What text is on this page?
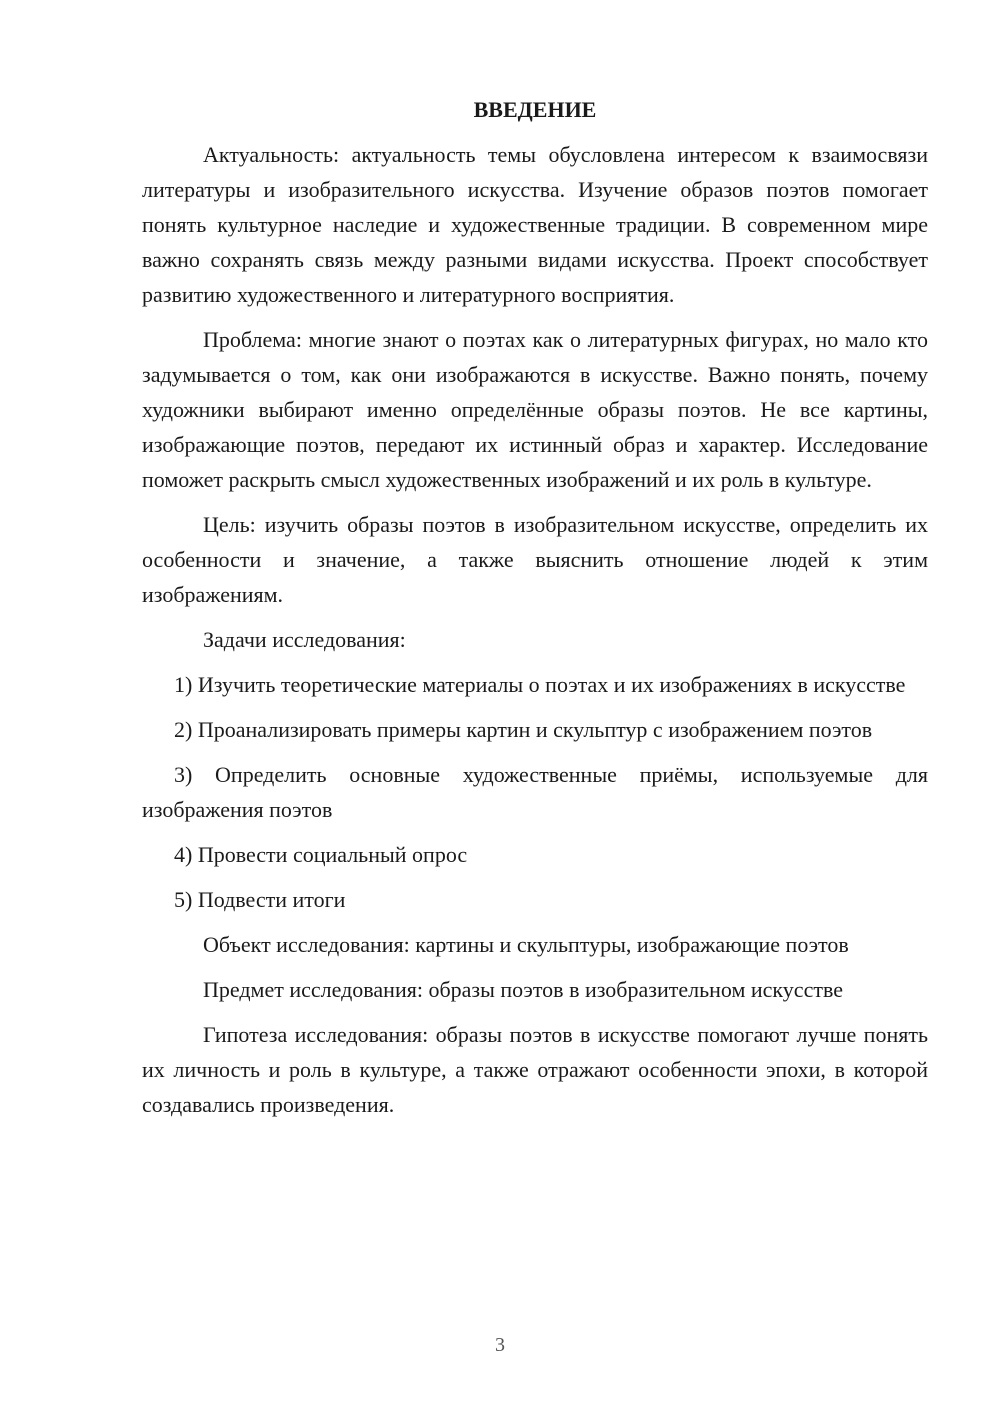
ВВЕДЕНИЕ

Актуальность: актуальность темы обусловлена интересом к взаимосвязи литературы и изобразительного искусства. Изучение образов поэтов помогает понять культурное наследие и художественные традиции. В современном мире важно сохранять связь между разными видами искусства. Проект способствует развитию художественного и литературного восприятия.

Проблема: многие знают о поэтах как о литературных фигурах, но мало кто задумывается о том, как они изображаются в искусстве. Важно понять, почему художники выбирают именно определённые образы поэтов. Не все картины, изображающие поэтов, передают их истинный образ и характер. Исследование поможет раскрыть смысл художественных изображений и их роль в культуре.

Цель: изучить образы поэтов в изобразительном искусстве, определить их особенности и значение, а также выяснить отношение людей к этим изображениям.

Задачи исследования:

1) Изучить теоретические материалы о поэтах и их изображениях в искусстве

2) Проанализировать примеры картин и скульптур с изображением поэтов

3) Определить основные художественные приёмы, используемые для изображения поэтов

4) Провести социальный опрос

5) Подвести итоги

Объект исследования: картины и скульптуры, изображающие поэтов

Предмет исследования: образы поэтов в изобразительном искусстве

Гипотеза исследования: образы поэтов в искусстве помогают лучше понять их личность и роль в культуре, а также отражают особенности эпохи, в которой создавались произведения.

3
